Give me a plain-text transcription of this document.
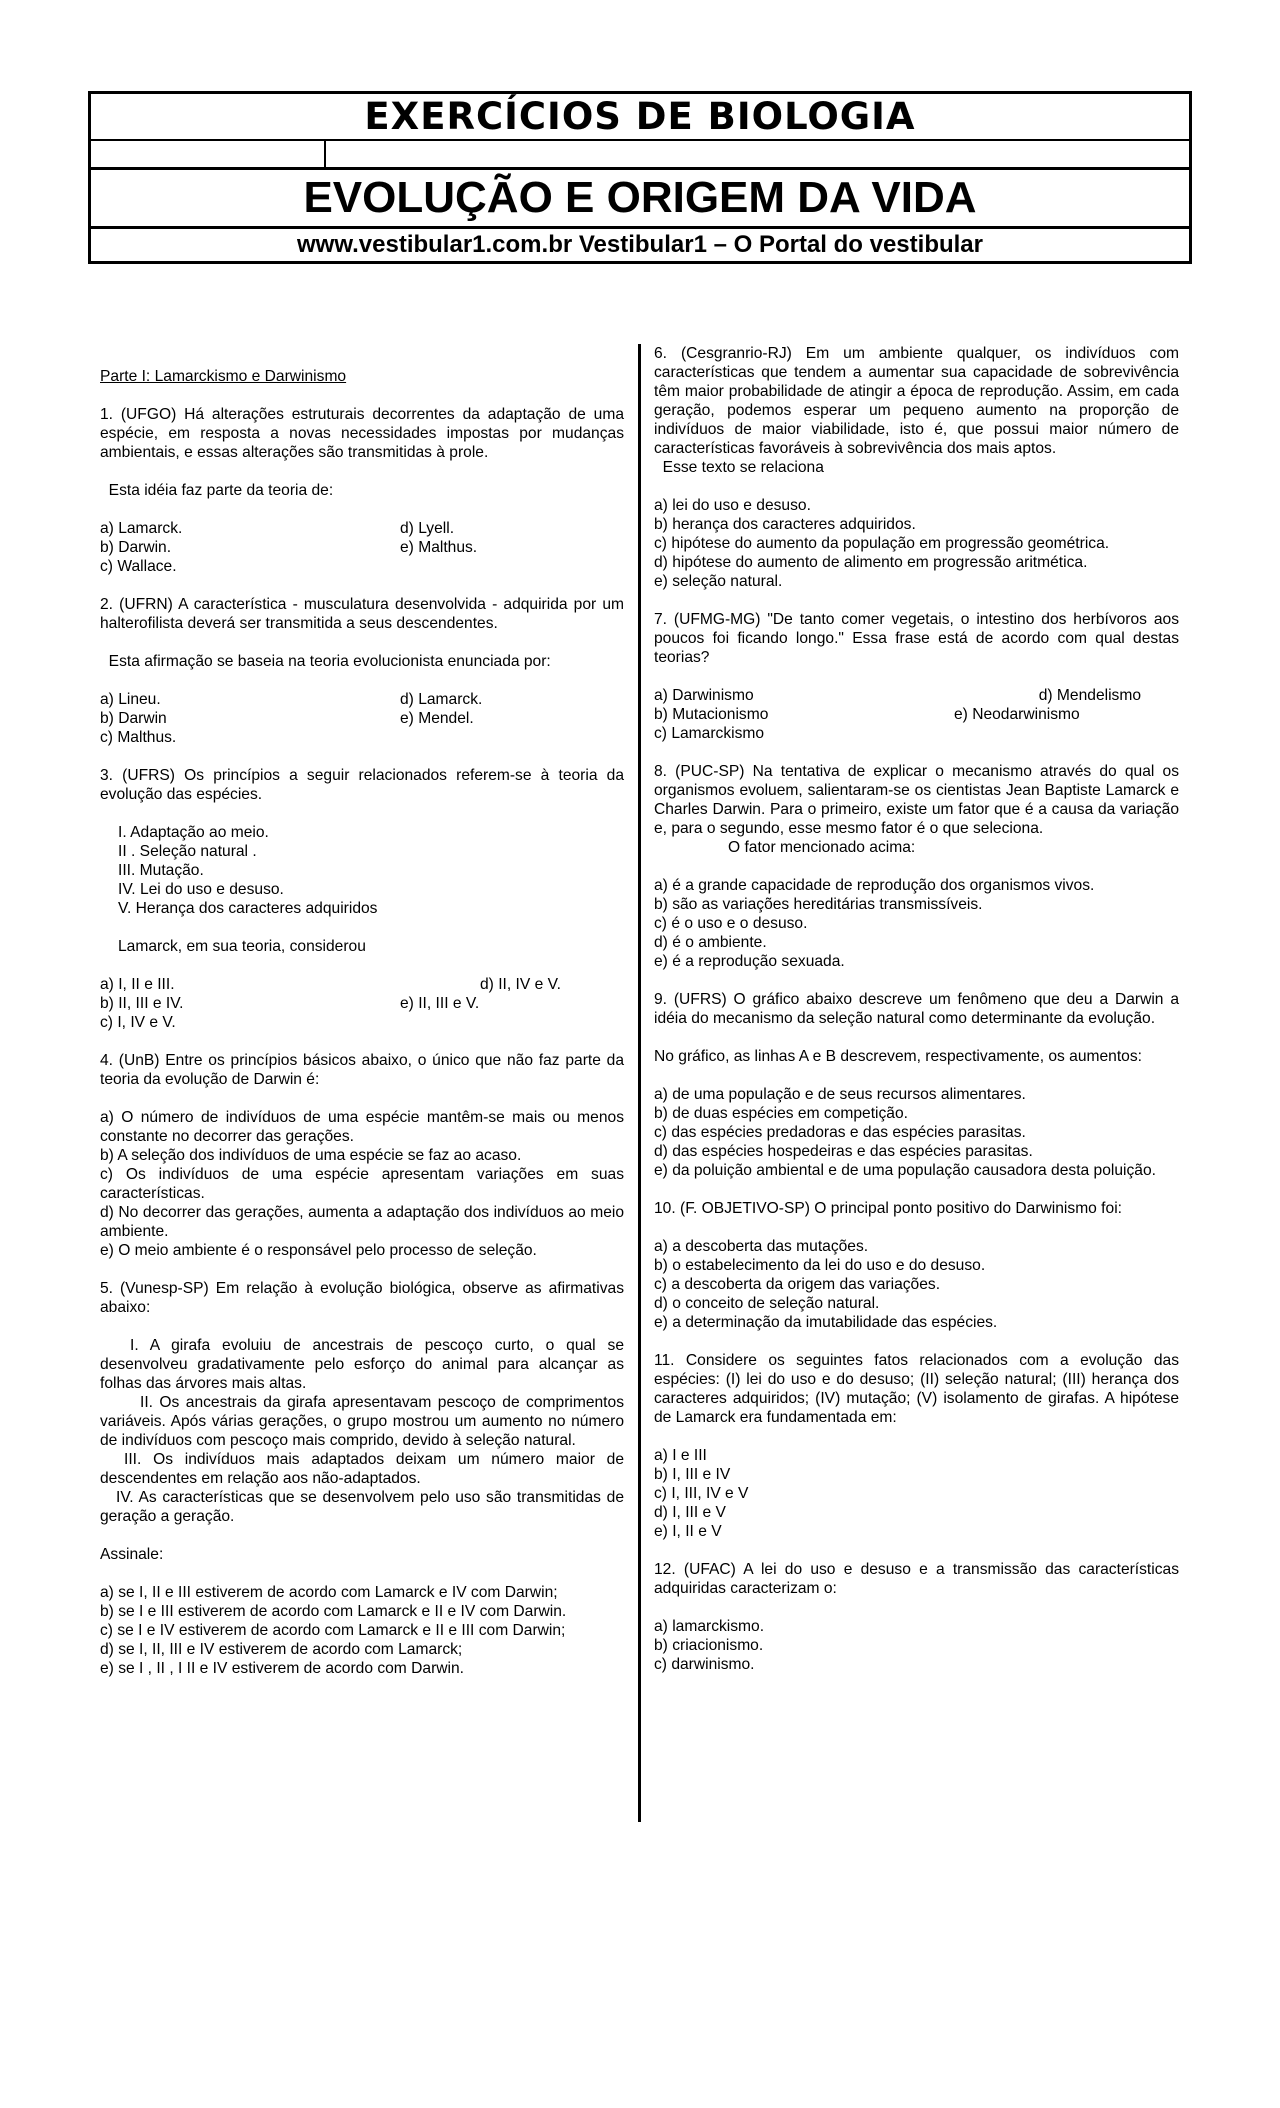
EXERCÍCIOS DE BIOLOGIA
EVOLUÇÃO E ORIGEM DA VIDA
www.vestibular1.com.br Vestibular1 – O Portal do vestibular

Parte I: Lamarckismo e Darwinismo

1. (UFGO) Há alterações estruturais decorrentes da adaptação de uma espécie, em resposta a novas necessidades impostas por mudanças ambientais, e essas alterações são transmitidas à prole.

Esta idéia faz parte da teoria de:

a) Lamarck.	d) Lyell.
b) Darwin.	e) Malthus.

c) Wallace.

2. (UFRN) A característica - musculatura desenvolvida - adquirida por um halterofilista deverá ser transmitida a seus descendentes.

Esta afirmação se baseia na teoria evolucionista enunciada por:

a) Lineu.	d) Lamarck.
b) Darwin	e) Mendel.

c) Malthus.

3. (UFRS) Os princípios a seguir relacionados referem-se à teoria da evolução das espécies.

I. Adaptação ao meio.

II . Seleção natural .

III. Mutação.

IV. Lei do uso e desuso.

V. Herança dos caracteres adquiridos

Lamarck, em sua teoria, considerou

a) I, II e III.	d) II, IV e V.
b) II, III e IV.	e) II, III e V.

c) I, IV e V.

4. (UnB) Entre os princípios básicos abaixo, o único que não faz parte da teoria da evolução de Darwin é:

a) O número de indivíduos de uma espécie mantêm-se mais ou menos constante no decorrer das gerações.

b) A seleção dos indivíduos de uma espécie se faz ao acaso.

c) Os indivíduos de uma espécie apresentam variações em suas características.

d) No decorrer das gerações, aumenta a adaptação dos indivíduos ao meio ambiente.

e) O meio ambiente é o responsável pelo processo de seleção.

5. (Vunesp-SP) Em relação à evolução biológica, observe as afirmativas abaixo:

I. A girafa evoluiu de ancestrais de pescoço curto, o qual se desenvolveu gradativamente pelo esforço do animal para alcançar as folhas das árvores mais altas.

II. Os ancestrais da girafa apresentavam pescoço de comprimentos variáveis. Após várias gerações, o grupo mostrou um aumento no número de indivíduos com pescoço mais comprido, devido à seleção natural.

III. Os indivíduos mais adaptados deixam um número maior de descendentes em relação aos não-adaptados.

IV. As características que se desenvolvem pelo uso são transmitidas de geração a geração.

Assinale:

a) se I, II e III estiverem de acordo com Lamarck e IV com Darwin;

b) se I e III estiverem de acordo com Lamarck e II e IV com Darwin.

c) se I e IV estiverem de acordo com Lamarck e II e III com Darwin;

d) se I, II, III e IV estiverem de acordo com Lamarck;

e) se I , II , I II e IV estiverem de acordo com Darwin.

6. (Cesgranrio-RJ) Em um ambiente qualquer, os indivíduos com características que tendem a aumentar sua capacidade de sobrevivência têm maior probabilidade de atingir a época de reprodução. Assim, em cada geração, podemos esperar um pequeno aumento na proporção de indivíduos de maior viabilidade, isto é, que possui maior número de características favoráveis à sobrevivência dos mais aptos.

Esse texto se relaciona

a) lei do uso e desuso.

b) herança dos caracteres adquiridos.

c) hipótese do aumento da população em progressão geométrica.

d) hipótese do aumento de alimento em progressão aritmética.

e) seleção natural.

7. (UFMG-MG) "De tanto comer vegetais, o intestino dos herbívoros aos poucos foi ficando longo." Essa frase está de acordo com qual destas teorias?

a) Darwinismo	d) Mendelismo
b) Mutacionismo	e) Neodarwinismo

c) Lamarckismo

8. (PUC-SP) Na tentativa de explicar o mecanismo através do qual os organismos evoluem, salientaram-se os cientistas Jean Baptiste Lamarck e Charles Darwin. Para o primeiro, existe um fator que é a causa da variação e, para o segundo, esse mesmo fator é o que seleciona.

O fator mencionado acima:

a) é a grande capacidade de reprodução dos organismos vivos.

b) são as variações hereditárias transmissíveis.

c) é o uso e o desuso.

d) é o ambiente.

e) é a reprodução sexuada.

9. (UFRS) O gráfico abaixo descreve um fenômeno que deu a Darwin a idéia do mecanismo da seleção natural como determinante da evolução.

No gráfico, as linhas A e B descrevem, respectivamente, os aumentos:

a) de uma população e de seus recursos alimentares.

b) de duas espécies em competição.

c) das espécies predadoras e das espécies parasitas.

d) das espécies hospedeiras e das espécies parasitas.

e) da poluição ambiental e de uma população causadora desta poluição.

10. (F. OBJETIVO-SP) O principal ponto positivo do Darwinismo foi:

a) a descoberta das mutações.

b) o estabelecimento da lei do uso e do desuso.

c) a descoberta da origem das variações.

d) o conceito de seleção natural.

e) a determinação da imutabilidade das espécies.

11. Considere os seguintes fatos relacionados com a evolução das espécies: (I) lei do uso e do desuso; (II) seleção natural; (III) herança dos caracteres adquiridos; (IV) mutação; (V) isolamento de girafas. A hipótese de Lamarck era fundamentada em:

a) I e III

b) I, III e IV

c) I, III, IV e V

d) I, III e V

e) I, II e V

12. (UFAC) A lei do uso e desuso e a transmissão das características adquiridas caracterizam o:

a) lamarckismo.

b) criacionismo.

c) darwinismo.
